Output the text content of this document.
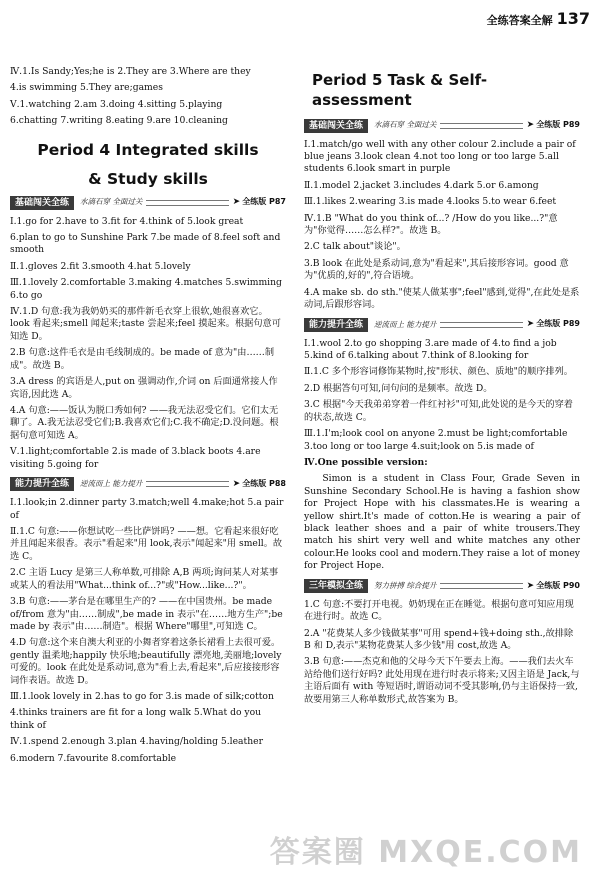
全练答案全解 137
Ⅳ.1.Is Sandy;Yes;he is 2.They are 3.Where are they
4.is swimming 5.They are;games
Ⅴ.1.watching 2.am 3.doing 4.sitting 5.playing
6.chatting 7.writing 8.eating 9.are 10.cleaning
Period 4 Integrated skills
& Study skills
基础闯关全练	水滴石穿 全面过关	➤ 全练版 P87
Ⅰ.1.go for 2.have to 3.fit for 4.think of 5.look great
6.plan to go to Sunshine Park 7.be made of 8.feel soft and smooth
Ⅱ.1.gloves 2.fit 3.smooth 4.hat 5.lovely
Ⅲ.1.lovely 2.comfortable 3.making 4.matches 5.swimming 6.to go
Ⅳ.1.D 句意:我为我奶奶买的那件新毛衣穿上很软,她很喜欢它。look 看起来;smell 闻起来;taste 尝起来;feel 摸起来。根据句意可知选 D。
2.B 句意:这件毛衣是由毛线制成的。be made of 意为"由……制成"。故选 B。
3.A dress 的宾语是人,put on 强调动作,介词 on 后面通常接人作宾语,因此选 A。
4.A 句意:——饭认为脱口秀如何? ——我无法忍受它们。它们太无聊了。A.我无法忍受它们;B.我喜欢它们;C.我不确定;D.没问题。根据句意可知选 A。
Ⅴ.1.light;comfortable 2.is made of 3.black boots 4.are visiting 5.going for
能力提升全练	逆流而上 能力提升	➤ 全练版 P88
Ⅰ.1.look;in 2.dinner party 3.match;well 4.make;hot 5.a pair of
Ⅱ.1.C 句意:——你想试吃一些比萨饼吗? ——想。它看起来很好吃并且闻起来很香。表示"看起来"用 look,表示"闻起来"用 smell。故选 C。
2.C 主语 Lucy 是第三人称单数,可排除 A,B 两项;询问某人对某事或某人的看法用"What...think of...?"或"How...like...?"。
3.B 句意:——茅台是在哪里生产的? ——在中国贵州。be made of/from 意为"由……制成",be made in 表示"在……地方生产";be made by 表示"由……制造"。根据 Where"哪里",可知选 C。
4.D 句意:这个来自澳大利亚的小舞者穿着这条长裙看上去很可爱。gently 温柔地;happily 快乐地;beautifully 漂亮地,美丽地;lovely 可爱的。look 在此处是系动词,意为"看上去,看起来",后应接接形容词作表语。故选 D。
Ⅲ.1.look lovely in 2.has to go for 3.is made of silk;cotton
4.thinks trainers are fit for a long walk 5.What do you think of
Ⅳ.1.spend 2.enough 3.plan 4.having/holding 5.leather
6.modern 7.favourite 8.comfortable
Period 5 Task & Self-assessment
基础闯关全练	水滴石穿 全面过关	➤ 全练版 P89
Ⅰ.1.match/go well with any other colour 2.include a pair of blue jeans 3.look clean 4.not too long or too large 5.all students 6.look smart in purple
Ⅱ.1.model 2.jacket 3.includes 4.dark 5.or 6.among
Ⅲ.1.likes 2.wearing 3.is made 4.looks 5.to wear 6.feet
Ⅳ.1.B "What do you think of...? /How do you like...?"意为"你觉得……怎么样?"。故选 B。
2.C talk about"谈论"。
3.B look 在此处是系动词,意为"看起来",其后接形容词。good 意为"优质的,好的",符合语境。
4.A make sb. do sth."使某人做某事";feel"感到,觉得",在此处是系动词,后跟形容词。
能力提升全练	逆流而上 能力提升	➤ 全练版 P89
Ⅰ.1.wool 2.to go shopping 3.are made of 4.to find a job 5.kind of 6.talking about 7.think of 8.looking for
Ⅱ.1.C 多个形容词修饰某物时,按"形状、颜色、质地"的顺序排列。
2.D 根据答句可知,问句问的是频率。故选 D。
3.C 根据"今天我弟弟穿着一件红衬衫"可知,此处说的是今天的穿着的状态,故选 C。
Ⅲ.1.I'm;look cool on anyone 2.must be light;comfortable 3.too long or too large 4.suit;look on 5.is made of
Ⅳ.One possible version:
Simon is a student in Class Four, Grade Seven in Sunshine Secondary School.He is having a fashion show for Project Hope with his classmates.He is wearing a yellow shirt.It's made of cotton.He is wearing a pair of black leather shoes and a pair of white trousers.They match his shirt very well and white matches any other colour.He looks cool and modern.They raise a lot of money for Project Hope.
三年模拟全练	努力拼搏 综合提升	➤ 全练版 P90
1.C 句意:不要打开电视。奶奶现在正在睡觉。根据句意可知应用现在进行时。故选 C。
2.A "花费某人多少钱做某事"可用 spend+钱+doing sth.,故排除 B 和 D,表示"某物花费某人多少钱"用 cost,故选 A。
3.B 句意:——杰克和他的父母今天下午要去上海。——我们去火车站给他们送行好吗? 此处用现在进行时表示将来;又因主语是 Jack,与主语后面有 with 等短语时,谓语动词不受其影响,仍与主语保持一致,故要用第三人称单数形式,故答案为 B。
答案圈 MXQE.COM
